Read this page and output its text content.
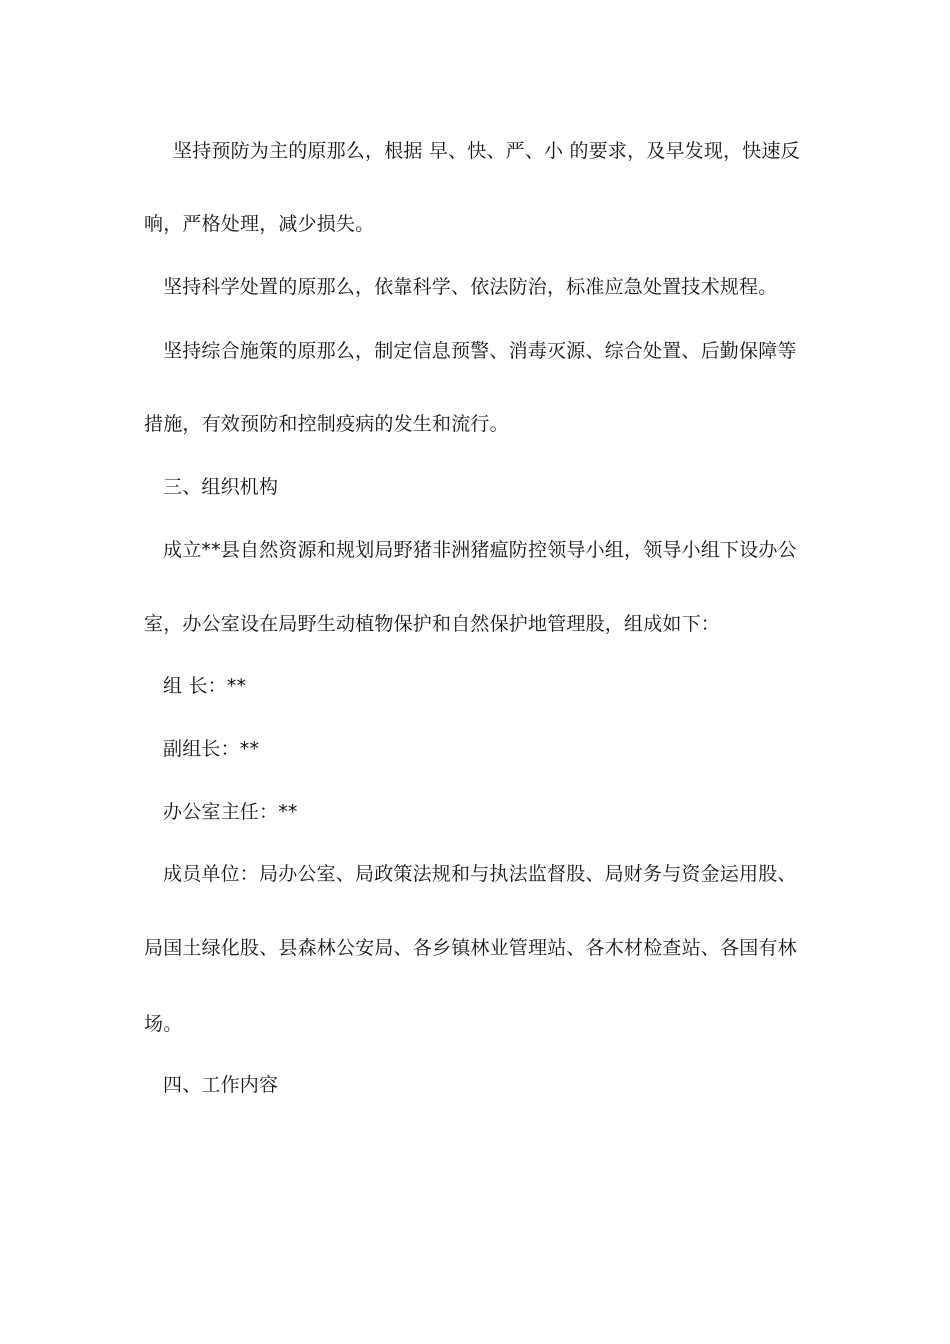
坚持预防为主的原那么，根据 早、快、严、小 的要求，及早发现，快速反
响，严格处理，减少损失。
坚持科学处置的原那么，依靠科学、依法防治，标准应急处置技术规程。
坚持综合施策的原那么，制定信息预警、消毒灭源、综合处置、后勤保障等
措施，有效预防和控制疫病的发生和流行。
三、组织机构
成立**县自然资源和规划局野猪非洲猪瘟防控领导小组，领导小组下设办公
室，办公室设在局野生动植物保护和自然保护地管理股，组成如下：
组 长：**
副组长：**
办公室主任：**
成员单位：局办公室、局政策法规和与执法监督股、局财务与资金运用股、
局国土绿化股、县森林公安局、各乡镇林业管理站、各木材检查站、各国有林
场。
四、工作内容
